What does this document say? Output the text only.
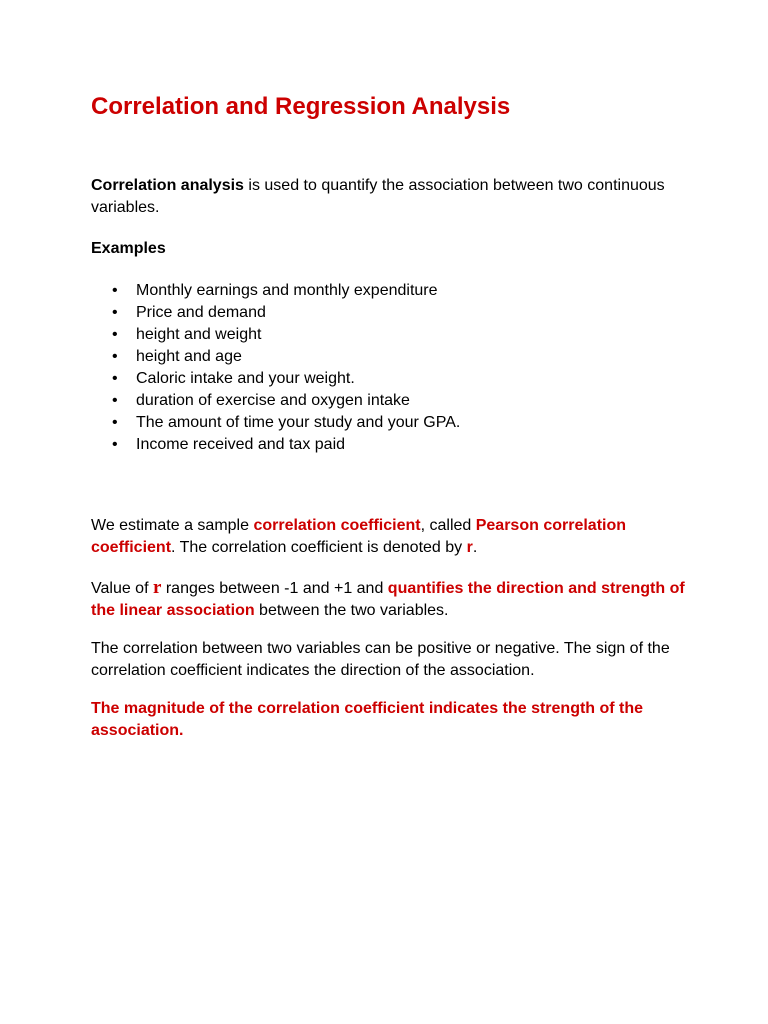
Correlation and Regression Analysis

Correlation analysis is used to quantify the association between two continuous variables.

Examples

• Monthly earnings and monthly expenditure
• Price and demand
• height and weight
• height and age
• Caloric intake and your weight.
• duration of exercise and oxygen intake
• The amount of time your study and your GPA.
• Income received and tax paid

We estimate a sample correlation coefficient, called Pearson correlation coefficient. The correlation coefficient is denoted by r.

Value of r ranges between -1 and +1 and quantifies the direction and strength of the linear association between the two variables.

The correlation between two variables can be positive or negative. The sign of the correlation coefficient indicates the direction of the association.

The magnitude of the correlation coefficient indicates the strength of the association.
